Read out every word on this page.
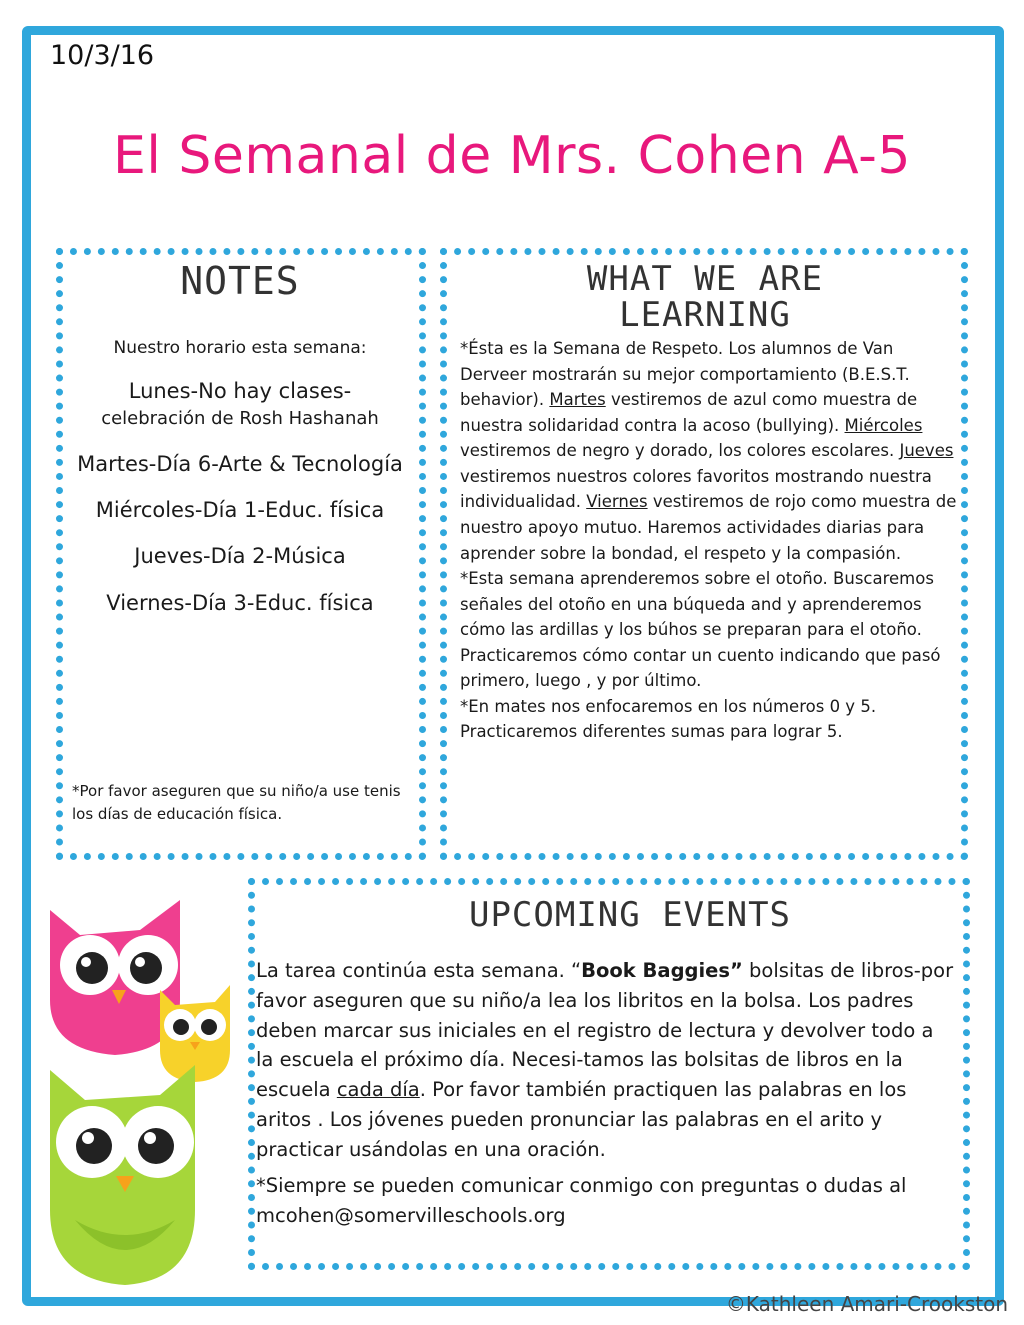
10/3/16
El Semanal de Mrs. Cohen A-5
NOTES

Nuestro horario esta semana:

Lunes-No hay clases-
celebración de Rosh Hashanah

Martes-Día 6-Arte & Tecnología

Miércoles-Día 1-Educ. física

Jueves-Día 2-Música

Viernes-Día 3-Educ. física

*Por favor aseguren que su niño/a use tenis los días de educación física.
WHAT WE ARE
LEARNING

*Ésta es la Semana de Respeto. Los alumnos de Van Derveer mostrarán su mejor comportamiento (B.E.S.T. behavior). Martes vestiremos de azul como muestra de nuestra solidaridad contra la acoso (bullying). Miércoles vestiremos de negro y dorado, los colores escolares. Jueves vestiremos nuestros colores favoritos mostrando nuestra individualidad. Viernes vestiremos de rojo como muestra de nuestro apoyo mutuo. Haremos actividades diarias para aprender sobre la bondad, el respeto y la compasión.

*Esta semana aprenderemos sobre el otoño. Buscaremos señales del otoño en una búqueda and y aprenderemos cómo las ardillas y los búhos se preparan para el otoño. Practicaremos cómo contar un cuento indicando que pasó primero, luego , y por último.

*En mates nos enfocaremos en los números 0 y 5. Practicaremos diferentes sumas para lograr 5.

UPCOMING EVENTS

La tarea continúa esta semana. “Book Baggies” bolsitas de libros-por favor aseguren que su niño/a lea los libritos en la bolsa. Los padres deben marcar sus iniciales en el registro de lectura y devolver todo a la escuela el próximo día. Necesi-tamos las bolsitas de libros en la escuela cada día. Por favor también practiquen las palabras en los aritos . Los jóvenes pueden pronunciar las palabras en el arito y practicar usándolas en una oración.

*Siempre se pueden comunicar conmigo con preguntas o dudas al mcohen@somervilleschools.org

©Kathleen Amari-Crookston
